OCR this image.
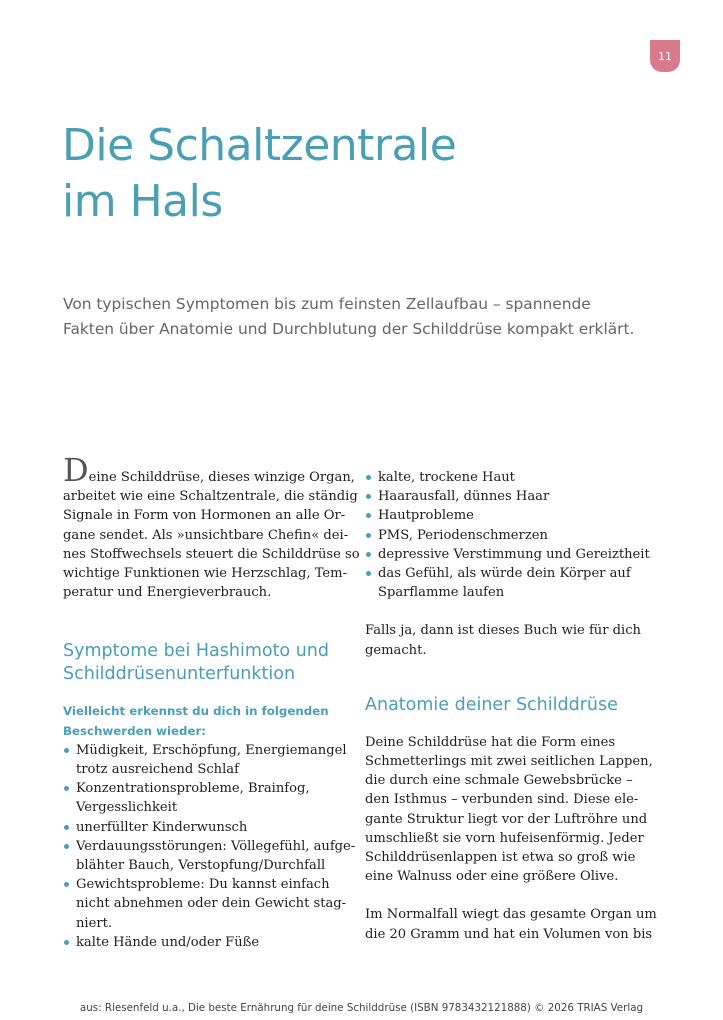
11
Die Schaltzentrale
im Hals

Von typischen Symptomen bis zum feinsten Zellaufbau – spannende
Fakten über Anatomie und Durchblutung der Schilddrüse kompakt erklärt.

Deine Schilddrüse, dieses winzige Organ,
arbeitet wie eine Schaltzentrale, die ständig
Signale in Form von Hormonen an alle Or-
gane sendet. Als »unsichtbare Chefin« dei-
nes Stoffwechsels steuert die Schilddrüse so
wichtige Funktionen wie Herzschlag, Tem-
peratur und Energieverbrauch.

Symptome bei Hashimoto und
Schilddrüsenunterfunktion

Vielleicht erkennst du dich in folgenden
Beschwerden wieder:

Müdigkeit, Erschöpfung, Energiemangel
trotz ausreichend Schlaf
Konzentrationsprobleme, Brainfog,
Vergesslichkeit
unerfüllter Kinderwunsch
Verdauungsstörungen: Völlegefühl, aufge-
blähter Bauch, Verstopfung/Durchfall
Gewichtsprobleme: Du kannst einfach
nicht abnehmen oder dein Gewicht stag-
niert.
kalte Hände und/oder Füße
kalte, trockene Haut
Haarausfall, dünnes Haar
Hautprobleme
PMS, Periodenschmerzen
depressive Verstimmung und Gereiztheit
das Gefühl, als würde dein Körper auf
Sparflamme laufen

Falls ja, dann ist dieses Buch wie für dich
gemacht.

Anatomie deiner Schilddrüse

Deine Schilddrüse hat die Form eines
Schmetterlings mit zwei seitlichen Lappen,
die durch eine schmale Gewebsbrücke –
den Isthmus – verbunden sind. Diese ele-
gante Struktur liegt vor der Luftröhre und
umschließt sie vorn hufeisenförmig. Jeder
Schilddrüsenlappen ist etwa so groß wie
eine Walnuss oder eine größere Olive.

Im Normalfall wiegt das gesamte Organ um
die 20 Gramm und hat ein Volumen von bis

aus: Riesenfeld u.a., Die beste Ernährung für deine Schilddrüse (ISBN 9783432121888) © 2026 TRIAS Verlag
